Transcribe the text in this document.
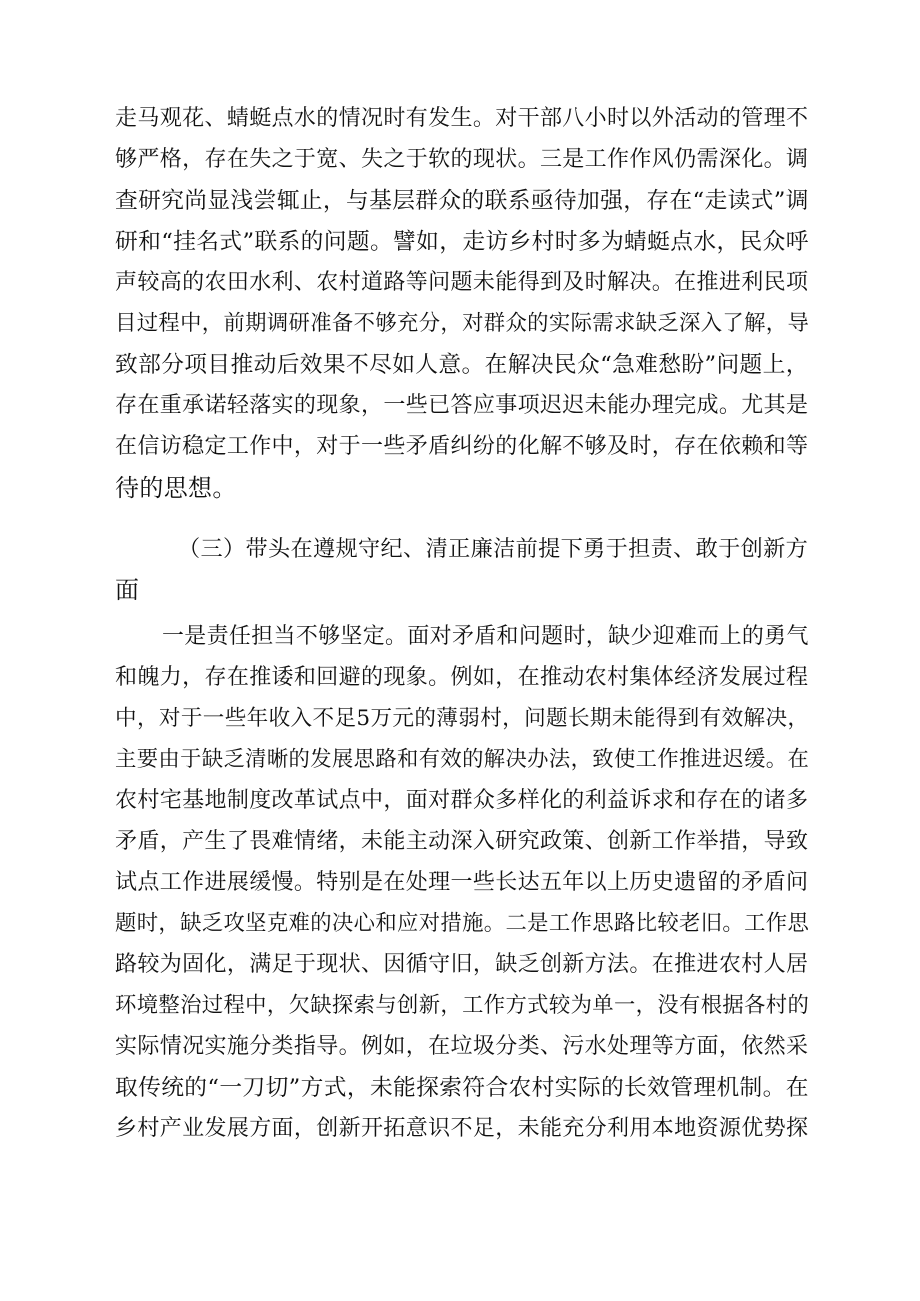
走马观花、蜻蜓点水的情况时有发生。对干部八小时以外活动的管理不
够严格，存在失之于宽、失之于软的现状。三是工作作风仍需深化。调
查研究尚显浅尝辄止，与基层群众的联系亟待加强，存在“走读式”调
研和“挂名式”联系的问题。譬如，走访乡村时多为蜻蜓点水，民众呼
声较高的农田水利、农村道路等问题未能得到及时解决。在推进利民项
目过程中，前期调研准备不够充分，对群众的实际需求缺乏深入了解，导
致部分项目推动后效果不尽如人意。在解决民众“急难愁盼”问题上，
存在重承诺轻落实的现象，一些已答应事项迟迟未能办理完成。尤其是
在信访稳定工作中，对于一些矛盾纠纷的化解不够及时，存在依赖和等
待的思想。
（三）带头在遵规守纪、清正廉洁前提下勇于担责、敢于创新方
面
一是责任担当不够坚定。面对矛盾和问题时，缺少迎难而上的勇气
和魄力，存在推诿和回避的现象。例如，在推动农村集体经济发展过程
中，对于一些年收入不足5万元的薄弱村，问题长期未能得到有效解决，
主要由于缺乏清晰的发展思路和有效的解决办法，致使工作推进迟缓。在
农村宅基地制度改革试点中，面对群众多样化的利益诉求和存在的诸多
矛盾，产生了畏难情绪，未能主动深入研究政策、创新工作举措，导致
试点工作进展缓慢。特别是在处理一些长达五年以上历史遗留的矛盾问
题时，缺乏攻坚克难的决心和应对措施。二是工作思路比较老旧。工作思
路较为固化，满足于现状、因循守旧，缺乏创新方法。在推进农村人居
环境整治过程中，欠缺探索与创新，工作方式较为单一，没有根据各村的
实际情况实施分类指导。例如，在垃圾分类、污水处理等方面，依然采
取传统的“一刀切”方式，未能探索符合农村实际的长效管理机制。在
乡村产业发展方面，创新开拓意识不足，未能充分利用本地资源优势探
